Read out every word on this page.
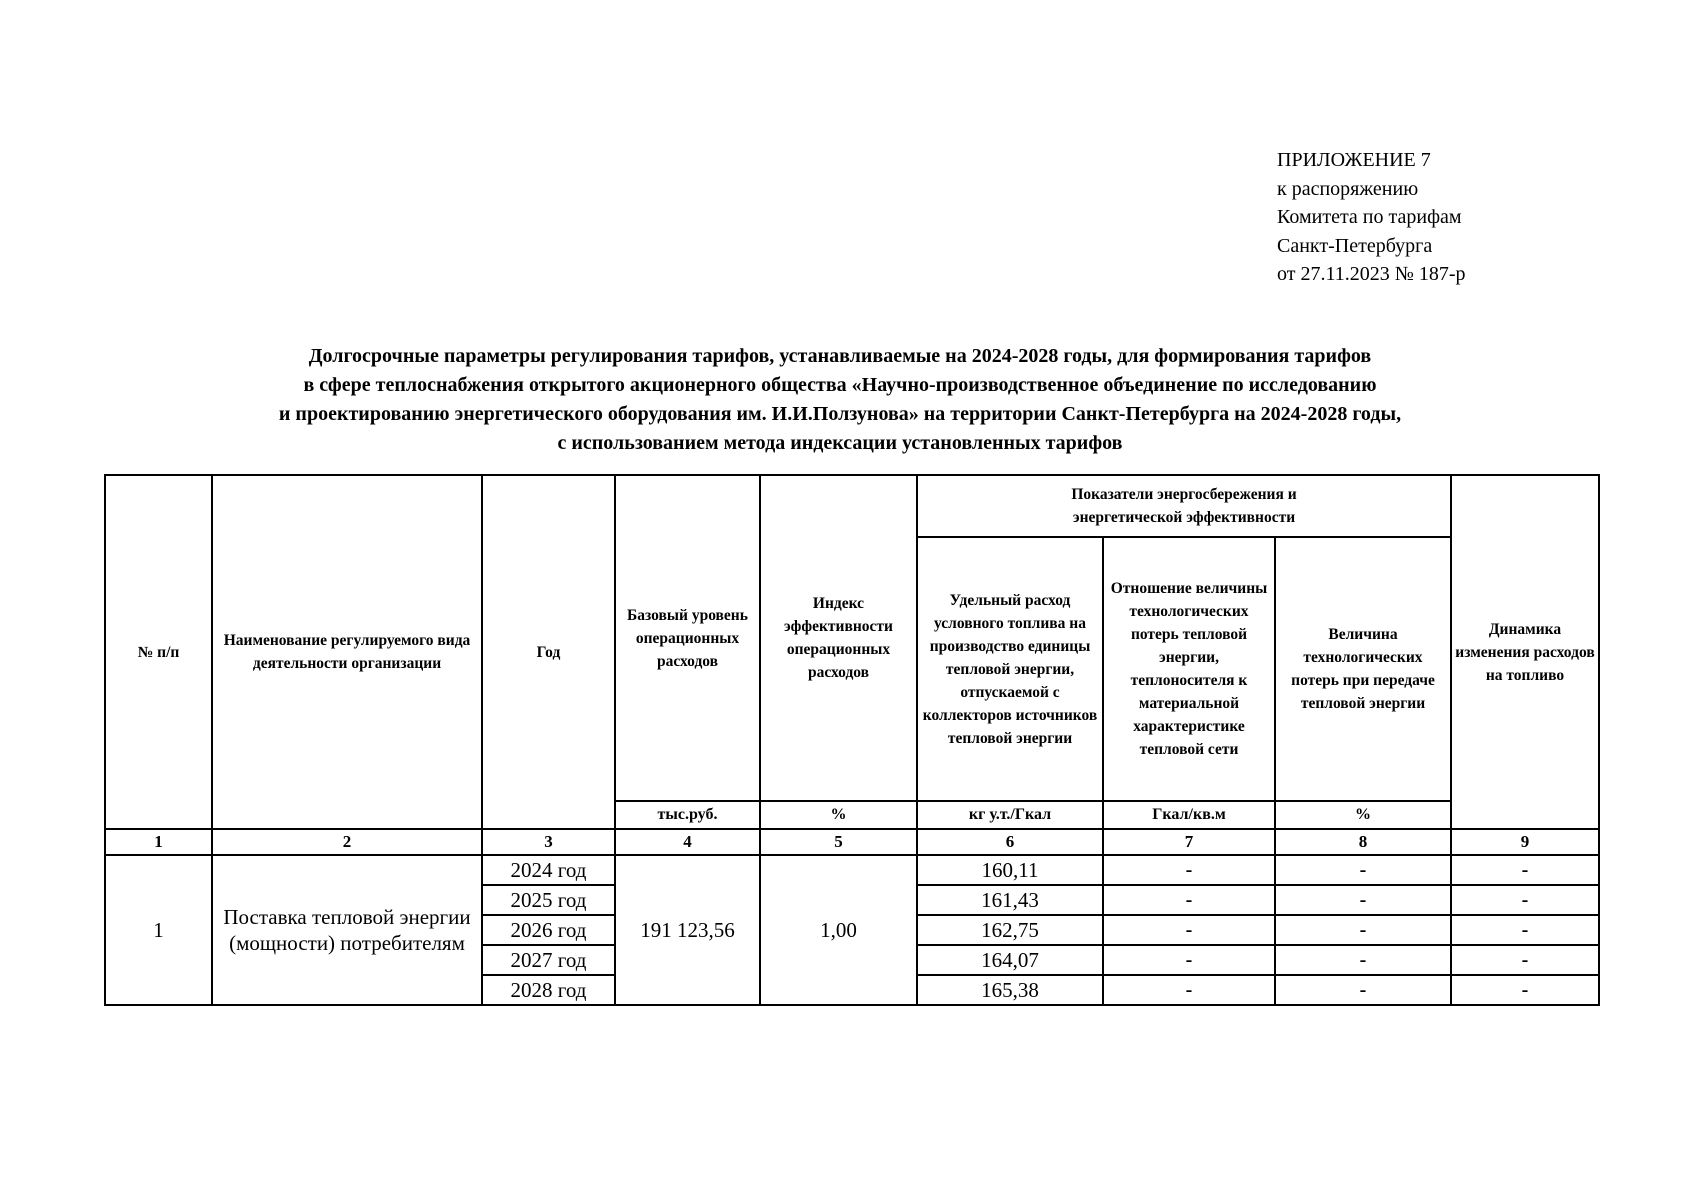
ПРИЛОЖЕНИЕ 7
к распоряжению
Комитета по тарифам
Санкт-Петербурга
от 27.11.2023 № 187-р
Долгосрочные параметры регулирования тарифов, устанавливаемые на 2024-2028 годы, для формирования тарифов
в сфере теплоснабжения открытого акционерного общества «Научно-производственное объединение по исследованию
и проектированию энергетического оборудования им. И.И.Ползунова» на территории Санкт-Петербурга на 2024-2028 годы,
с использованием метода индексации установленных тарифов
№ п/п	Наименование регулируемого вида деятельности организации	Год	Базовый уровень операционных расходов	Индекс эффективности операционных расходов	Показатели энергосбережения и энергетической эффективности			Динамика изменения расходов на топливо
					Удельный расход условного топлива на производство единицы тепловой энергии, отпускаемой с коллекторов источников тепловой энергии	Отношение величины технологических потерь тепловой энергии, теплоносителя к материальной характеристике тепловой сети	Величина технологических потерь при передаче тепловой энергии	
			тыс.руб.	%	кг у.т./Гкал	Гкал/кв.м	%	
1	2	3	4	5	6	7	8	9
1	Поставка тепловой энергии (мощности) потребителям	2024 год	191 123,56	1,00	160,11	-	-	-
		2025 год			161,43	-	-	-
		2026 год			162,75	-	-	-
		2027 год			164,07	-	-	-
		2028 год			165,38	-	-	-
